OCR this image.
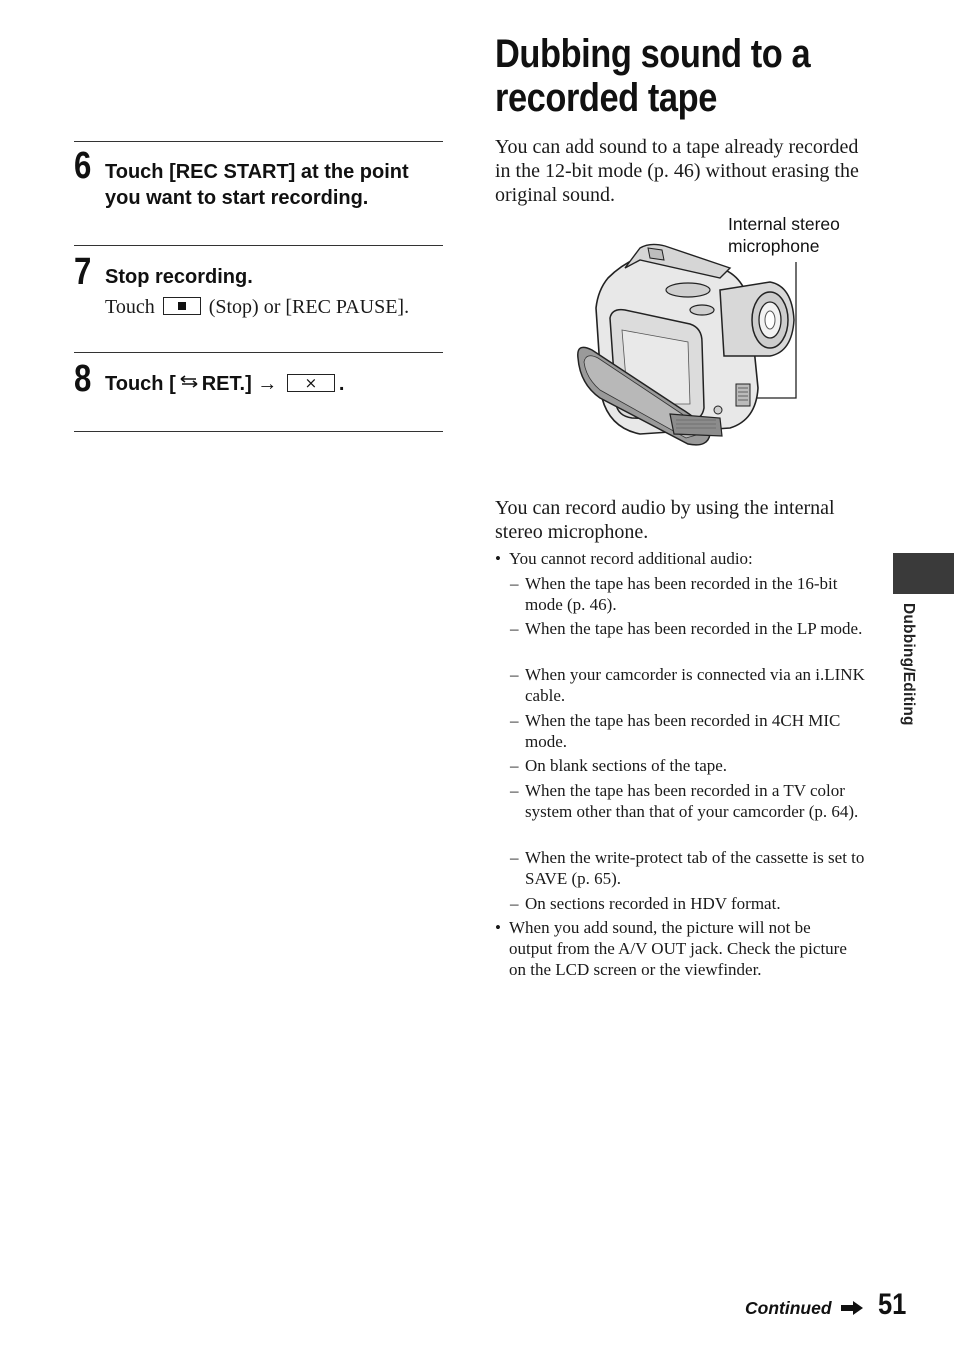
6 Touch [REC START] at the point you want to start recording.
7 Stop recording.
Touch	(Stop) or [REC PAUSE].
8 Touch [ RET.] → × .
Dubbing sound to a recorded tape
You can add sound to a tape already recorded in the 12-bit mode (p. 46) without erasing the original sound.
Internal stereo microphone
You can record audio by using the internal stereo microphone.
• You cannot record additional audio:
– When the tape has been recorded in the 16-bit mode (p. 46).
– When the tape has been recorded in the LP mode.
– When your camcorder is connected via an i.LINK cable.
– When the tape has been recorded in 4CH MIC mode.
– On blank sections of the tape.
– When the tape has been recorded in a TV color system other than that of your camcorder (p. 64).
– When the write-protect tab of the cassette is set to SAVE (p. 65).
– On sections recorded in HDV format.
• When you add sound, the picture will not be output from the A/V OUT jack. Check the picture on the LCD screen or the viewfinder.
Dubbing/Editing
Continued 51
